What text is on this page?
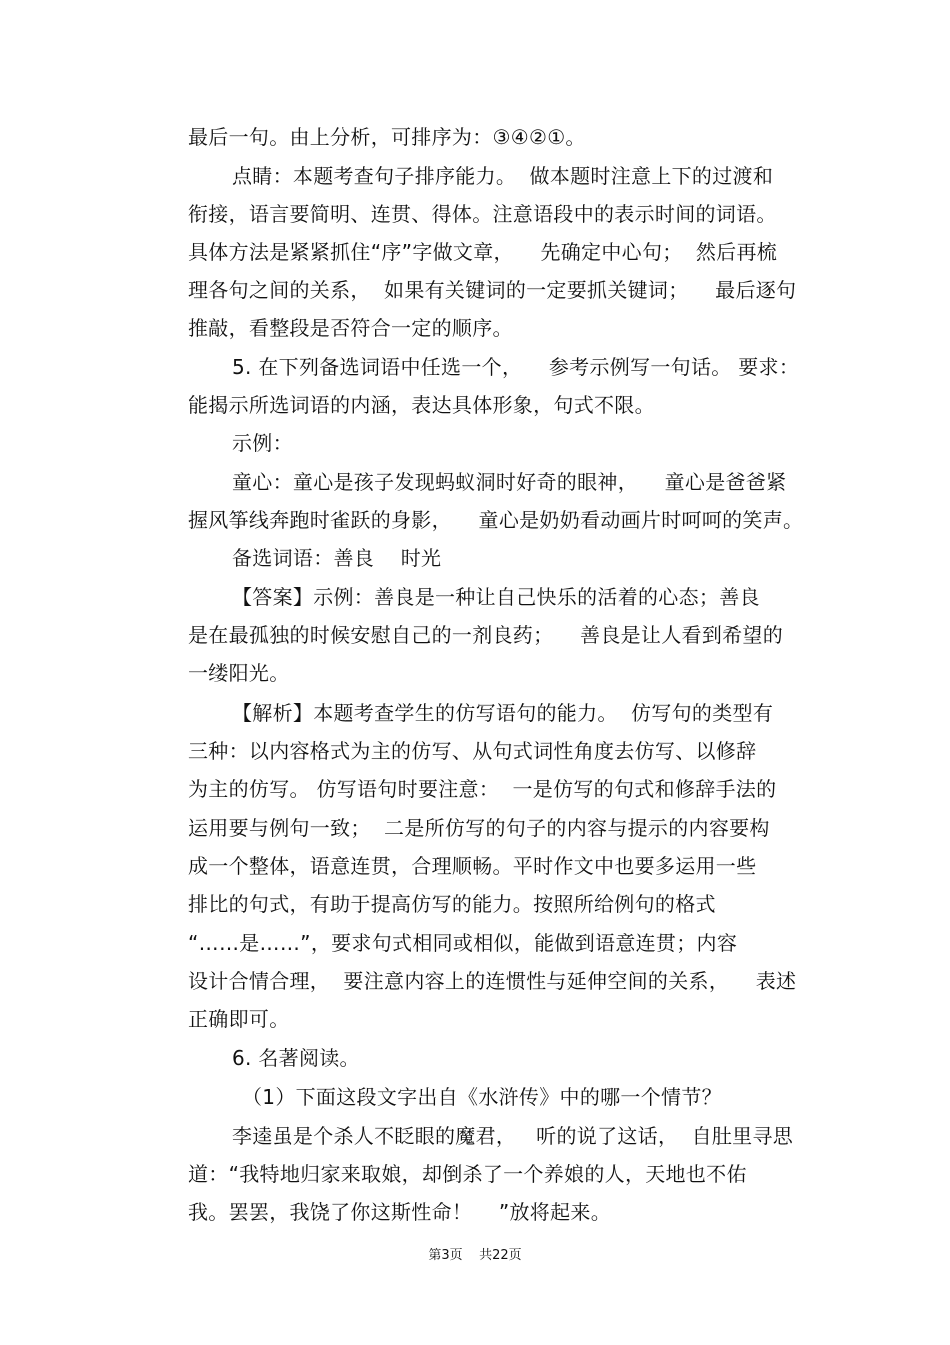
最后一句。由上分析，可排序为：③④②①。
点睛：本题考查句子排序能力。  做本题时注意上下的过渡和
衔接，语言要简明、连贯、得体。注意语段中的表示时间的词语。
具体方法是紧紧抓住“序”字做文章，    先确定中心句；  然后再梳
理各句之间的关系，  如果有关键词的一定要抓关键词；    最后逐句
推敲，看整段是否符合一定的顺序。
5. 在下列备选词语中任选一个，    参考示例写一句话。 要求：
能揭示所选词语的内涵，表达具体形象，句式不限。
示例：
童心：童心是孩子发现蚂蚁洞时好奇的眼神，    童心是爸爸紧
握风筝线奔跑时雀跃的身影，    童心是奶奶看动画片时呵呵的笑声。
备选词语：善良    时光
【答案】示例：善良是一种让自己快乐的活着的心态；善良
是在最孤独的时候安慰自己的一剂良药；    善良是让人看到希望的
一缕阳光。
【解析】本题考查学生的仿写语句的能力。  仿写句的类型有
三种：以内容格式为主的仿写、从句式词性角度去仿写、以修辞
为主的仿写。 仿写语句时要注意：  一是仿写的句式和修辞手法的
运用要与例句一致；  二是所仿写的句子的内容与提示的内容要构
成一个整体，语意连贯，合理顺畅。平时作文中也要多运用一些
排比的句式，有助于提高仿写的能力。按照所给例句的格式
“……是……”，要求句式相同或相似，能做到语意连贯；内容
设计合情合理，  要注意内容上的连惯性与延伸空间的关系，    表述
正确即可。
6. 名著阅读。
（1）下面这段文字出自《水浒传》中的哪一个情节？
李逵虽是个杀人不眨眼的魔君，   听的说了这话，  自肚里寻思
道：“我特地归家来取娘，却倒杀了一个养娘的人，天地也不佑
我。罢罢，我饶了你这斯性命！    ”放将起来。
第3页    共22页
